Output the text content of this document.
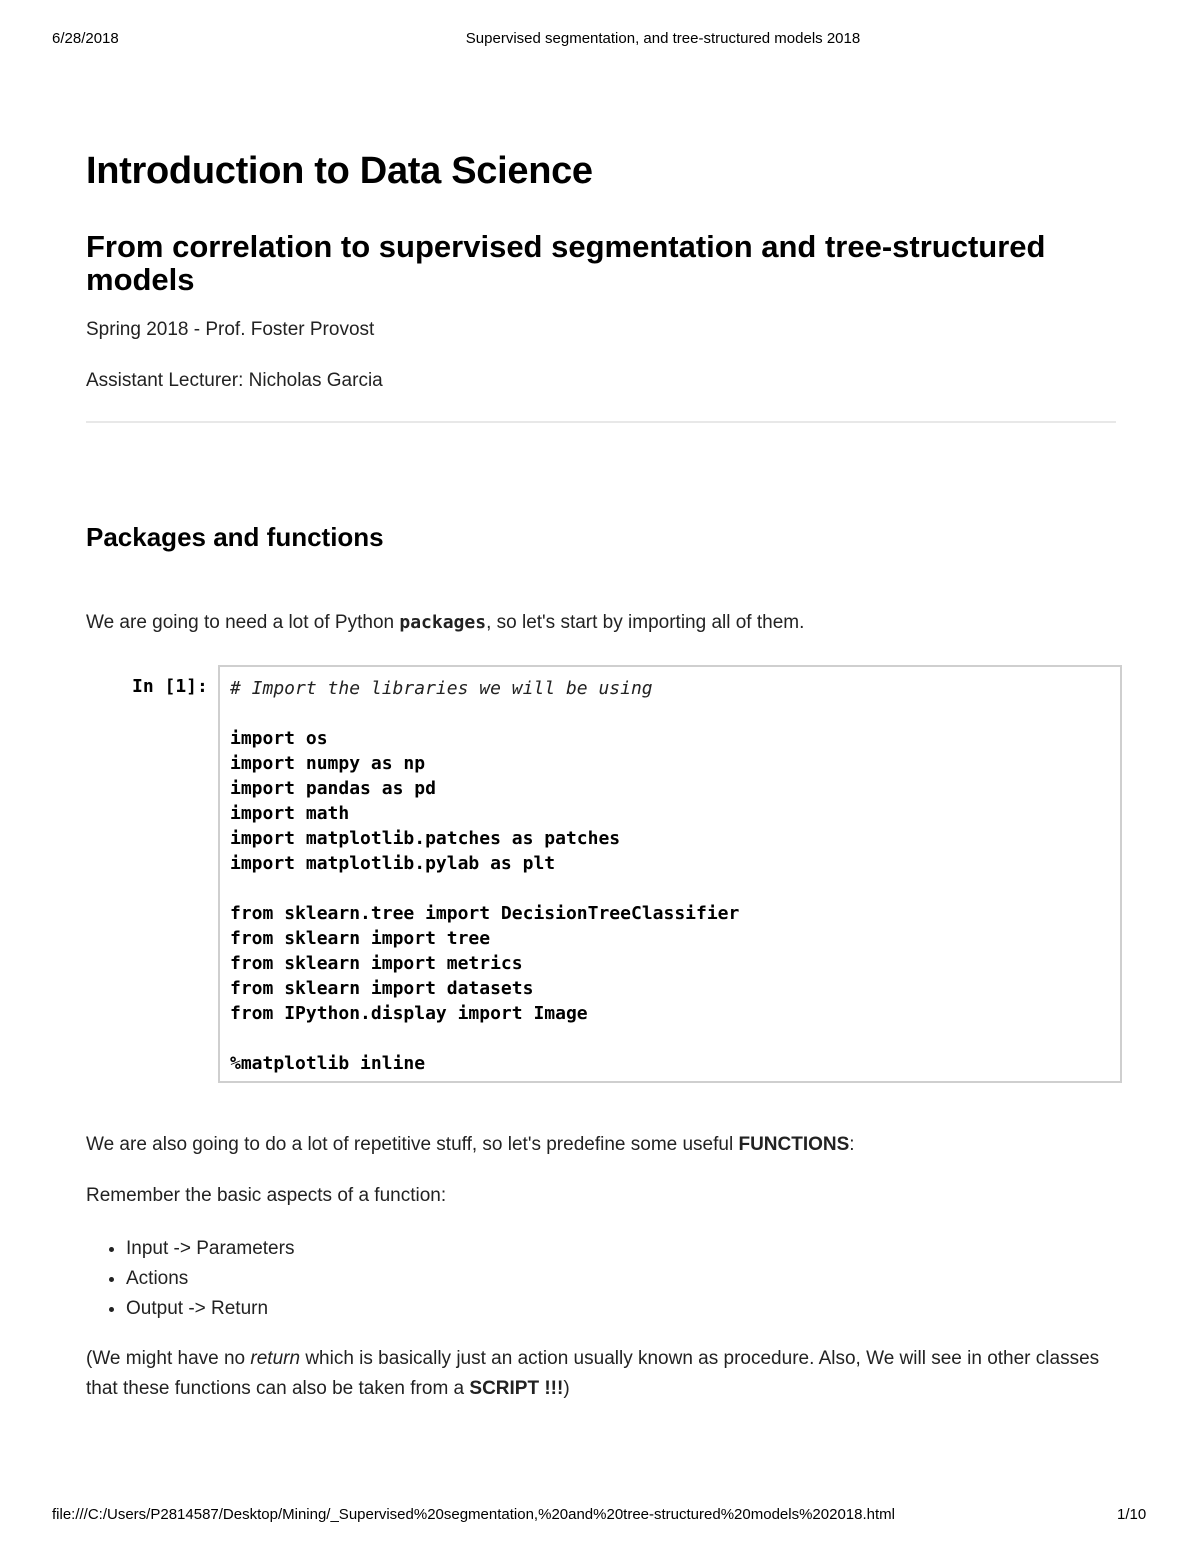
6/28/2018	Supervised segmentation, and tree-structured models 2018
Introduction to Data Science
From correlation to supervised segmentation and tree-structured models
Spring 2018 - Prof. Foster Provost
Assistant Lecturer: Nicholas Garcia
Packages and functions
We are going to need a lot of Python packages, so let's start by importing all of them.
We are also going to do a lot of repetitive stuff, so let's predefine some useful FUNCTIONS:
Remember the basic aspects of a function:
• Input -> Parameters
• Actions
• Output -> Return
(We might have no return which is basically just an action usually known as procedure. Also, We will see in other classes that these functions can also be taken from a SCRIPT !!!)
In [1]: # Import the libraries we will be using

import os
import numpy as np
import pandas as pd
import math
import matplotlib.patches as patches
import matplotlib.pylab as plt

from sklearn.tree import DecisionTreeClassifier
from sklearn import tree
from sklearn import metrics
from sklearn import datasets
from IPython.display import Image

%matplotlib inline
file:///C:/Users/P2814587/Desktop/Mining/_Supervised%20segmentation,%20and%20tree-structured%20models%202018.html	1/10
